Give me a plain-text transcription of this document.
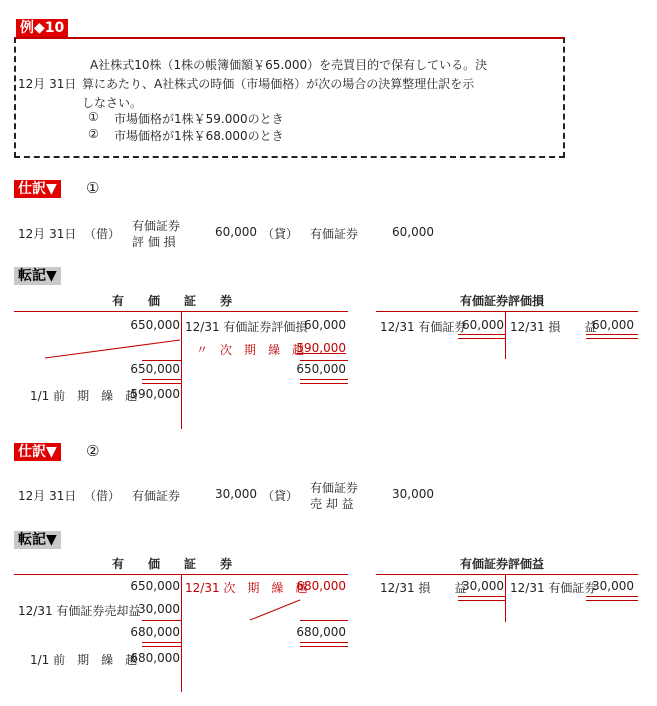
例◆10
12月 31日
A社株式10株（1株の帳簿価額￥65.000）を売買目的で保有している。決
算にあたり、A社株式の時価（市場価格）が次の場合の決算整理仕訳を示
しなさい。
① 市場価格が1株￥59.000のとき
② 市場価格が1株￥68.000のとき
仕訳▼ ①
12月 31日 （借）
有価証券
評 価 損
60,000 （貸） 有価証券	60,000
転記▼
有　　価　　証　　券
650,000
650,000
1/1 前　期　繰　越
590,000
12/31 有価証券評価損
60,000
〃　次　期　繰　越
590,000
650,000
有価証券評価損
12/31 有価証券
60,000 12/31 損　　益
60,000
仕訳▼ ②
12月 31日 （借） 有価証券	30,000 （貸）
有価証券
売 却 益
30,000
転記▼
有　　価　　証　　券
650,000
12/31 有価証券売却益
30,000
680,000
1/1 前　期　繰　越
680,000
12/31 次　期　繰　越
680,000
680,000
有価証券評価益
12/31 損　　益
30,000 12/31 有価証券
30,000
